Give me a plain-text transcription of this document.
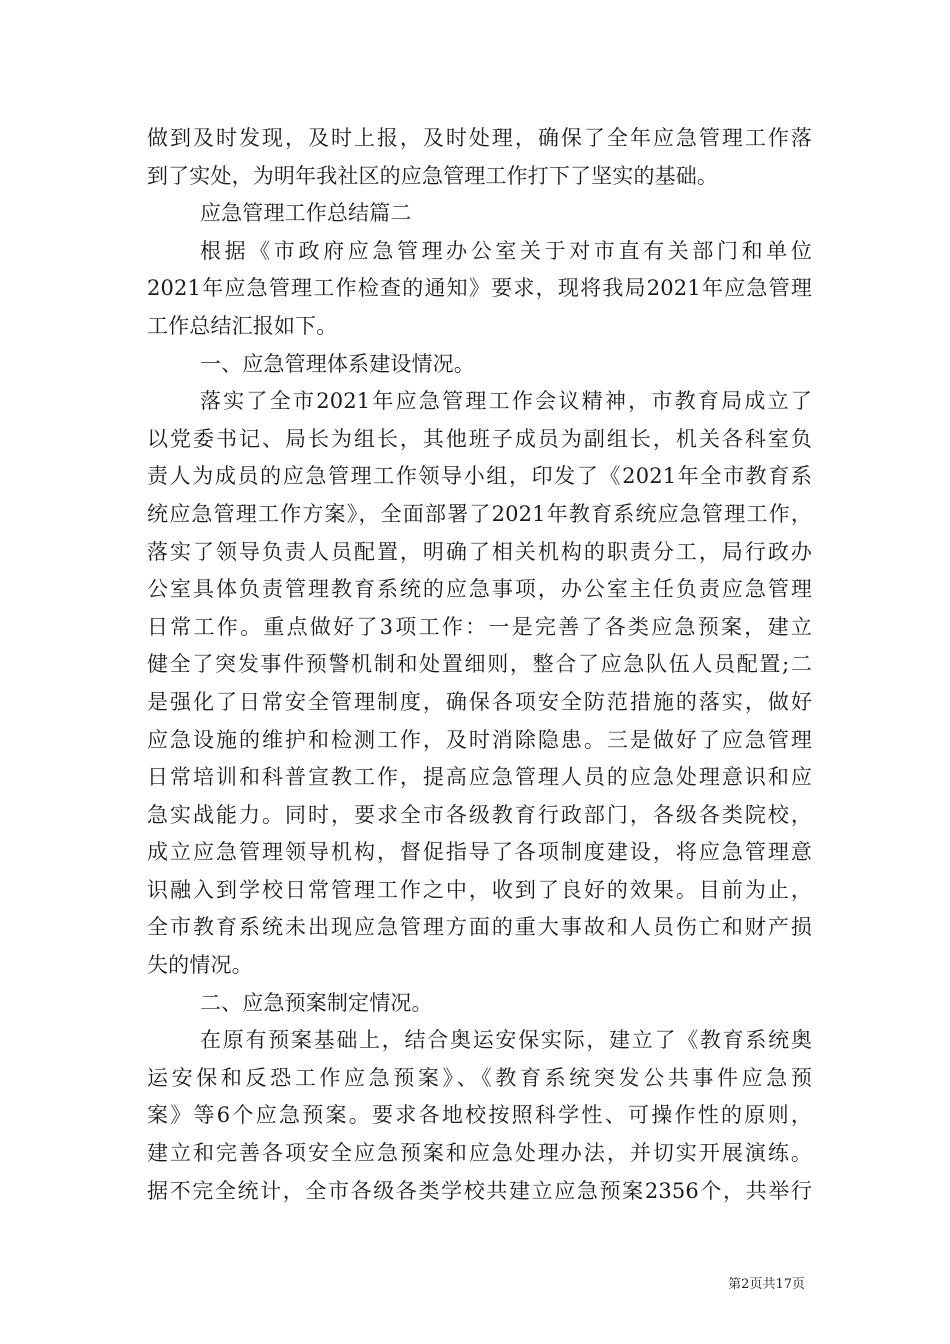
做到及时发现，及时上报，及时处理，确保了全年应急管理工作落
到了实处，为明年我社区的应急管理工作打下了坚实的基础。
应急管理工作总结篇二
根据《市政府应急管理办公室关于对市直有关部门和单位
2021年应急管理工作检查的通知》要求，现将我局2021年应急管理
工作总结汇报如下。
一、应急管理体系建设情况。
落实了全市2021年应急管理工作会议精神，市教育局成立了
以党委书记、局长为组长，其他班子成员为副组长，机关各科室负
责人为成员的应急管理工作领导小组，印发了《2021年全市教育系
统应急管理工作方案》，全面部署了2021年教育系统应急管理工作，
落实了领导负责人员配置，明确了相关机构的职责分工，局行政办
公室具体负责管理教育系统的应急事项，办公室主任负责应急管理
日常工作。重点做好了3项工作：一是完善了各类应急预案，建立
健全了突发事件预警机制和处置细则，整合了应急队伍人员配置;二
是强化了日常安全管理制度，确保各项安全防范措施的落实，做好
应急设施的维护和检测工作，及时消除隐患。三是做好了应急管理
日常培训和科普宣教工作，提高应急管理人员的应急处理意识和应
急实战能力。同时，要求全市各级教育行政部门，各级各类院校，
成立应急管理领导机构，督促指导了各项制度建设，将应急管理意
识融入到学校日常管理工作之中，收到了良好的效果。目前为止，
全市教育系统未出现应急管理方面的重大事故和人员伤亡和财产损
失的情况。
二、应急预案制定情况。
在原有预案基础上，结合奥运安保实际，建立了《教育系统奥
运安保和反恐工作应急预案》、《教育系统突发公共事件应急预
案》等6个应急预案。要求各地校按照科学性、可操作性的原则，
建立和完善各项安全应急预案和应急处理办法，并切实开展演练。
据不完全统计，全市各级各类学校共建立应急预案2356个，共举行
第2页共17页
